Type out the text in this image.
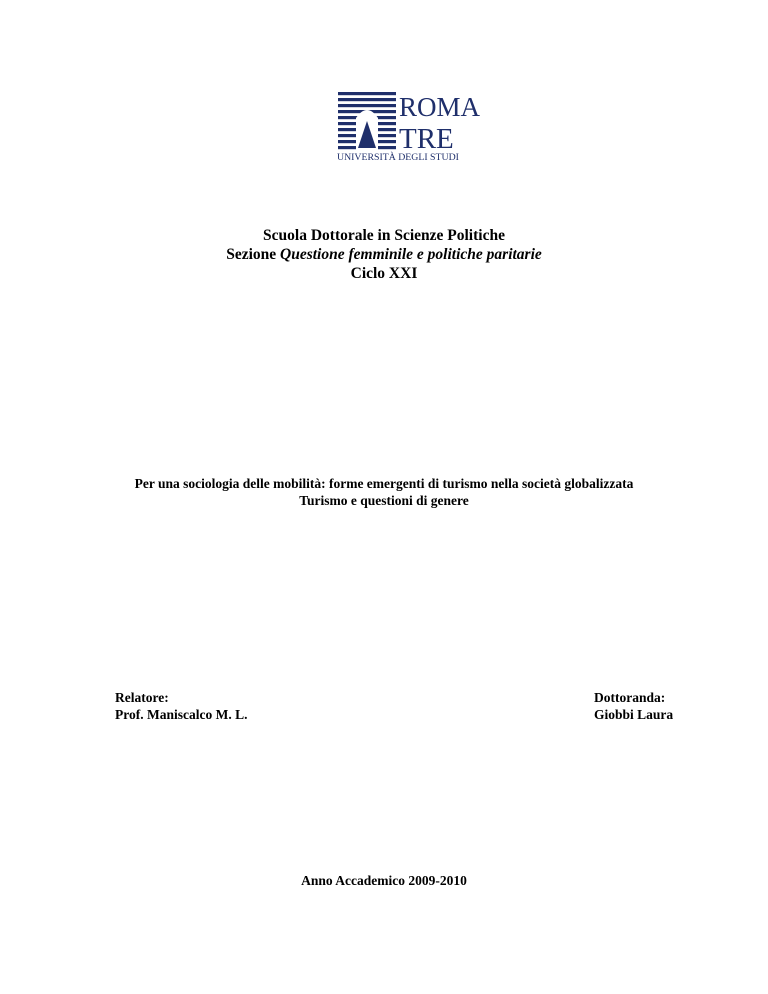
ROMA
TRE
UNIVERSITÀ DEGLI STUDI
Scuola Dottorale in Scienze Politiche
Sezione Questione femminile e politiche paritarie
Ciclo XXI
Per una sociologia delle mobilità: forme emergenti di turismo nella società globalizzata
Turismo e questioni di genere
Relatore:
Prof. Maniscalco M. L.
Dottoranda:
Giobbi Laura
Anno Accademico 2009-2010
